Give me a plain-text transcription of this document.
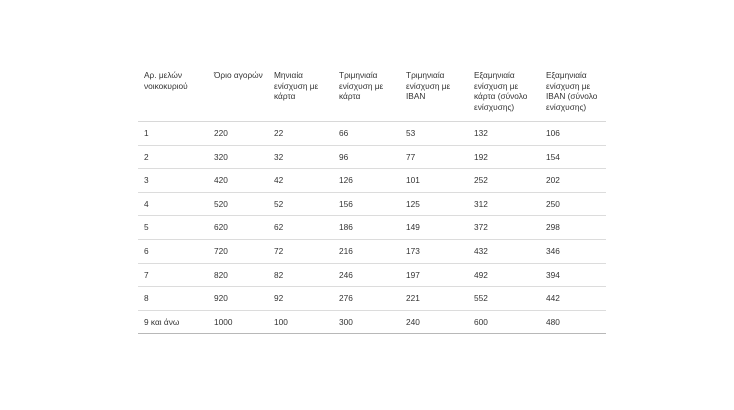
Αρ. μελών νοικοκυριού	Όριο αγορών	Μηνιαία ενίσχυση με κάρτα	Τριμηνιαία ενίσχυση με κάρτα	Τριμηνιαία ενίσχυση με IBAN	Εξαμηνιαία ενίσχυση με κάρτα (σύνολο ενίσχυσης)	Εξαμηνιαία ενίσχυση με IBAN (σύνολο ενίσχυσης)
1	220	22	66	53	132	106
2	320	32	96	77	192	154
3	420	42	126	101	252	202
4	520	52	156	125	312	250
5	620	62	186	149	372	298
6	720	72	216	173	432	346
7	820	82	246	197	492	394
8	920	92	276	221	552	442
9 και άνω	1000	100	300	240	600	480
